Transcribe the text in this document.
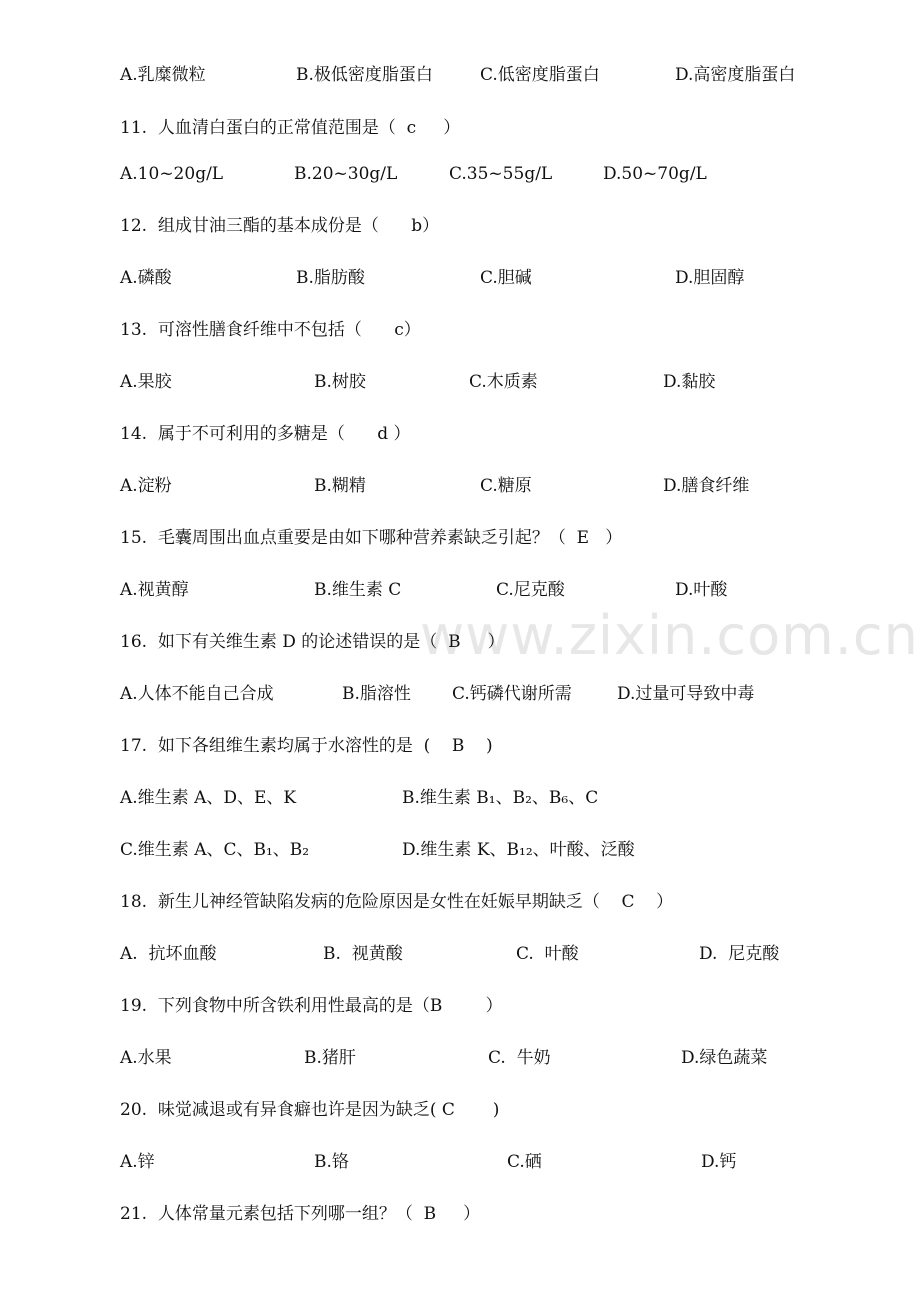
www.zixin.com.cn
A.乳糜微粒	B.极低密度脂蛋白	C.低密度脂蛋白	D.高密度脂蛋白
11.  人血清白蛋白的正常值范围是（  c     ）
A.10~20g/L	B.20~30g/L	C.35~55g/L	D.50~70g/L
12.  组成甘油三酯的基本成份是（      b）
A.磷酸	B.脂肪酸	C.胆碱	D.胆固醇
13.  可溶性膳食纤维中不包括（      c）
A.果胶	B.树胶	C.木质素	D.黏胶
14.  属于不可利用的多糖是（      d ）
A.淀粉	B.糊精	C.糖原	D.膳食纤维
15.  毛囊周围出血点重要是由如下哪种营养素缺乏引起？（  E   ）
A.视黄醇	B.维生素 C	C.尼克酸	D.叶酸
16.  如下有关维生素 D 的论述错误的是（  B     ）
A.人体不能自己合成	B.脂溶性 C.钙磷代谢所需	D.过量可导致中毒
17.  如下各组维生素均属于水溶性的是  (    B    )
A.维生素 A、D、E、K	B.维生素 B₁、B₂、B₆、C
C.维生素 A、C、B₁、B₂	D.维生素 K、B₁₂、叶酸、泛酸
18.  新生儿神经管缺陷发病的危险原因是女性在妊娠早期缺乏（    C    ）
A.  抗坏血酸	B.  视黄酸	C.  叶酸	D.  尼克酸
19.  下列食物中所含铁利用性最高的是（B        ）
A.水果	B.猪肝	C.  牛奶	D.绿色蔬菜
20.  味觉减退或有异食癖也许是因为缺乏( C       )
A.锌	B.铬	C.硒	D.钙
21.  人体常量元素包括下列哪一组？（  B     ）
